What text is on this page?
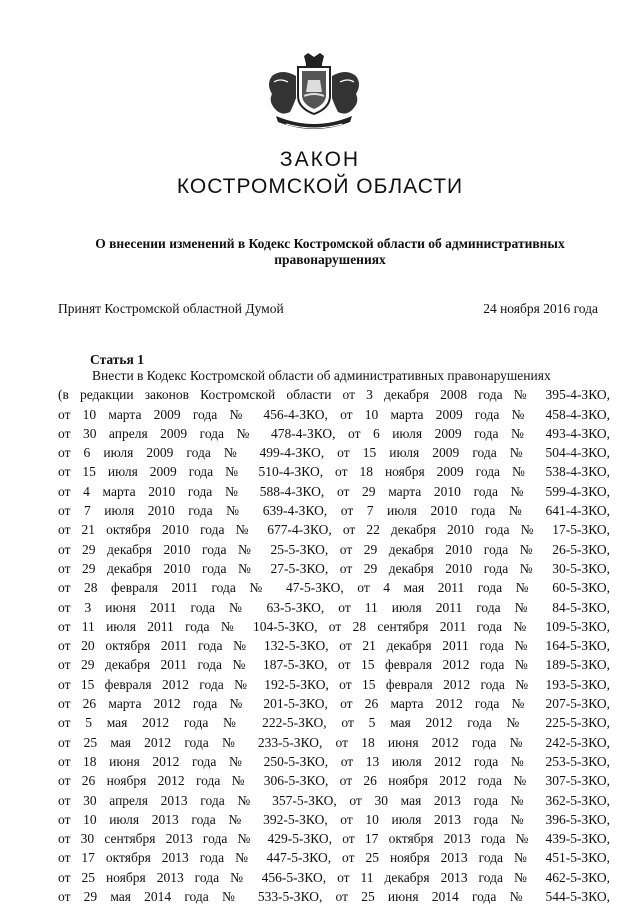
ЗАКОН
КОСТРОМСКОЙ ОБЛАСТИ
О внесении изменений в Кодекс Костромской области об административных
правонарушениях
Принят Костромской областной Думой	24 ноября 2016 года
Статья 1
Внести в Кодекс Костромской области об административных правонарушениях
(в редакции законов Костромской области от 3 декабря 2008 года № 395-4-ЗКО,
от 10 марта 2009 года № 456-4-ЗКО, от 10 марта 2009 года № 458-4-ЗКО,
от 30 апреля 2009 года № 478-4-ЗКО, от 6 июля 2009 года № 493-4-ЗКО,
от 6 июля 2009 года № 499-4-ЗКО, от 15 июля 2009 года № 504-4-ЗКО,
от 15 июля 2009 года № 510-4-ЗКО, от 18 ноября 2009 года № 538-4-ЗКО,
от 4 марта 2010 года № 588-4-ЗКО, от 29 марта 2010 года № 599-4-ЗКО,
от 7 июля 2010 года № 639-4-ЗКО, от 7 июля 2010 года № 641-4-ЗКО,
от 21 октября 2010 года № 677-4-ЗКО, от 22 декабря 2010 года № 17-5-ЗКО,
от 29 декабря 2010 года № 25-5-ЗКО, от 29 декабря 2010 года № 26-5-ЗКО,
от 29 декабря 2010 года № 27-5-ЗКО, от 29 декабря 2010 года № 30-5-ЗКО,
от 28 февраля 2011 года № 47-5-ЗКО, от 4 мая 2011 года № 60-5-ЗКО,
от 3 июня 2011 года № 63-5-ЗКО, от 11 июля 2011 года № 84-5-ЗКО,
от 11 июля 2011 года № 104-5-ЗКО, от 28 сентября 2011 года № 109-5-ЗКО,
от 20 октября 2011 года № 132-5-ЗКО, от 21 декабря 2011 года № 164-5-ЗКО,
от 29 декабря 2011 года № 187-5-ЗКО, от 15 февраля 2012 года № 189-5-ЗКО,
от 15 февраля 2012 года № 192-5-ЗКО, от 15 февраля 2012 года № 193-5-ЗКО,
от 26 марта 2012 года № 201-5-ЗКО, от 26 марта 2012 года № 207-5-ЗКО,
от 5 мая 2012 года № 222-5-ЗКО, от 5 мая 2012 года № 225-5-ЗКО,
от 25 мая 2012 года № 233-5-ЗКО, от 18 июня 2012 года № 242-5-ЗКО,
от 18 июня 2012 года № 250-5-ЗКО, от 13 июля 2012 года № 253-5-ЗКО,
от 26 ноября 2012 года № 306-5-ЗКО, от 26 ноября 2012 года № 307-5-ЗКО,
от 30 апреля 2013 года № 357-5-ЗКО, от 30 мая 2013 года № 362-5-ЗКО,
от 10 июля 2013 года № 392-5-ЗКО, от 10 июля 2013 года № 396-5-ЗКО,
от 30 сентября 2013 года № 429-5-ЗКО, от 17 октября 2013 года № 439-5-ЗКО,
от 17 октября 2013 года № 447-5-ЗКО, от 25 ноября 2013 года № 451-5-ЗКО,
от 25 ноября 2013 года № 456-5-ЗКО, от 11 декабря 2013 года № 462-5-ЗКО,
от 29 мая 2014 года № 533-5-ЗКО, от 25 июня 2014 года № 544-5-ЗКО,
